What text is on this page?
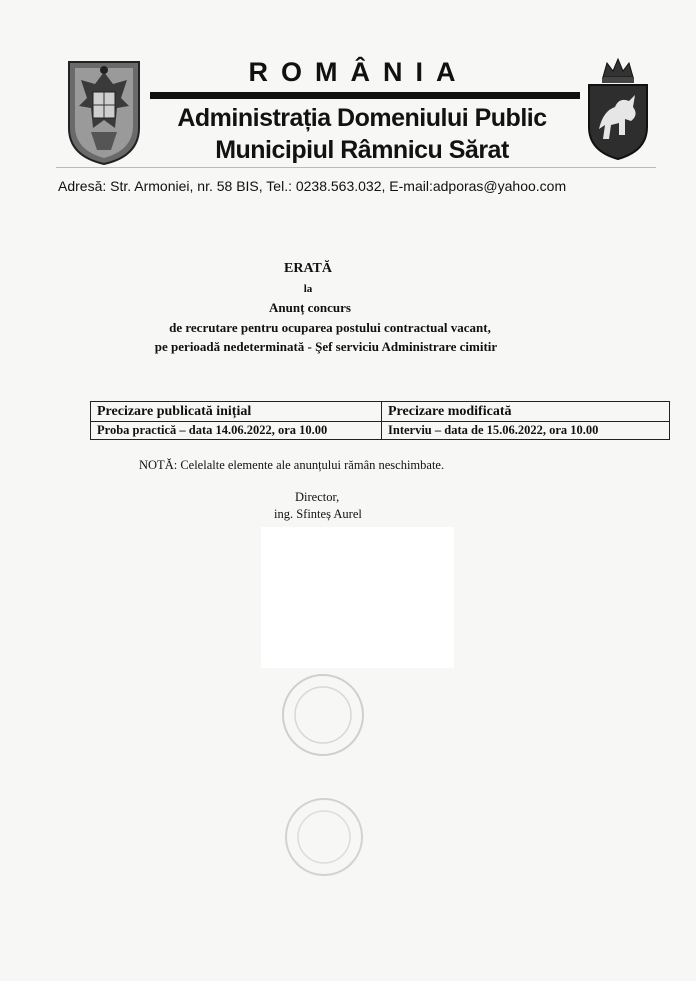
ROMÂNIA
Administrația Domeniului Public
Municipiul Râmnicu Sărat
Adresă: Str. Armoniei, nr. 58 BIS, Tel.: 0238.563.032, E-mail:adporas@yahoo.com
ERATĂ
la
Anunț concurs
de recrutare pentru ocuparea postului contractual vacant,
pe perioadă nedeterminată - Şef serviciu Administrare cimitir
Precizare publicată inițial	Precizare modificată
Proba practică – data 14.06.2022, ora 10.00	Interviu – data de 15.06.2022, ora 10.00
NOTĂ: Celelalte elemente ale anunțului rămân neschimbate.
Director,
ing. Sfinteș Aurel
